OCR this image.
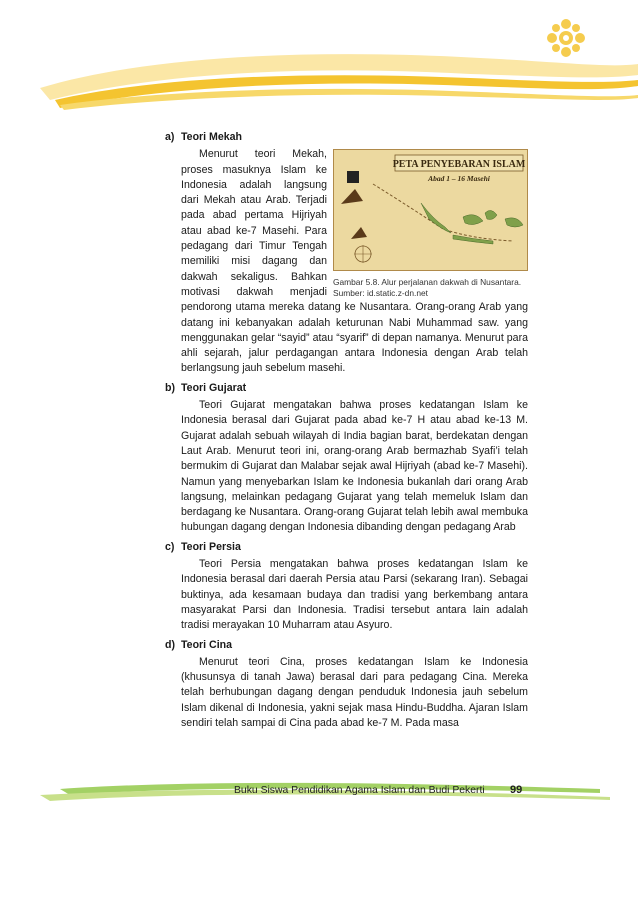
a) Teori Mekah
PETA PENYEBARAN ISLAM
Abad 1 – 16 Masehi
Gambar 5.8. Alur perjalanan dakwah di Nusantara.
Sumber: id.static.z-dn.net
Menurut teori Mekah, proses masuknya Islam ke Indonesia adalah langsung dari Mekah atau Arab. Terjadi pada abad pertama Hijriyah atau abad ke-7 Masehi. Para pedagang dari Timur Tengah memiliki misi dagang dan dakwah sekaligus. Bahkan motivasi dakwah menjadi pendorong utama mereka datang ke Nusantara. Orang-orang Arab yang datang ini kebanyakan adalah keturunan Nabi Muhammad saw. yang menggunakan gelar “sayid” atau “syarif” di depan namanya. Menurut para ahli sejarah, jalur perdagangan antara Indonesia dengan Arab telah berlangsung jauh sebelum masehi.
b) Teori Gujarat
Teori Gujarat mengatakan bahwa proses kedatangan Islam ke Indonesia berasal dari Gujarat pada abad ke-7 H atau abad ke-13 M. Gujarat adalah sebuah wilayah di India bagian barat, berdekatan dengan Laut Arab. Menurut teori ini, orang-orang Arab bermazhab Syafi’i telah bermukim di Gujarat dan Malabar sejak awal Hijriyah (abad ke-7 Masehi). Namun yang menyebarkan Islam ke Indonesia bukanlah dari orang Arab langsung, melainkan pedagang Gujarat yang telah memeluk Islam dan berdagang ke Nusantara. Orang-orang Gujarat telah lebih awal membuka hubungan dagang dengan Indonesia dibanding dengan pedagang Arab
c) Teori Persia
Teori Persia mengatakan bahwa proses kedatangan Islam ke Indonesia berasal dari daerah Persia atau Parsi (sekarang Iran). Sebagai buktinya, ada kesamaan budaya dan tradisi yang berkembang antara masyarakat Parsi dan Indonesia. Tradisi tersebut antara lain adalah tradisi merayakan 10 Muharram atau Asyuro.
d) Teori Cina
Menurut teori Cina, proses kedatangan Islam ke Indonesia (khusunsya di tanah Jawa) berasal dari para pedagang Cina. Mereka telah berhubungan dagang dengan penduduk Indonesia jauh sebelum Islam dikenal di Indonesia, yakni sejak masa Hindu-Buddha. Ajaran Islam sendiri telah sampai di Cina pada abad ke-7 M. Pada masa
Buku Siswa Pendidikan Agama Islam dan Budi Pekerti 99
